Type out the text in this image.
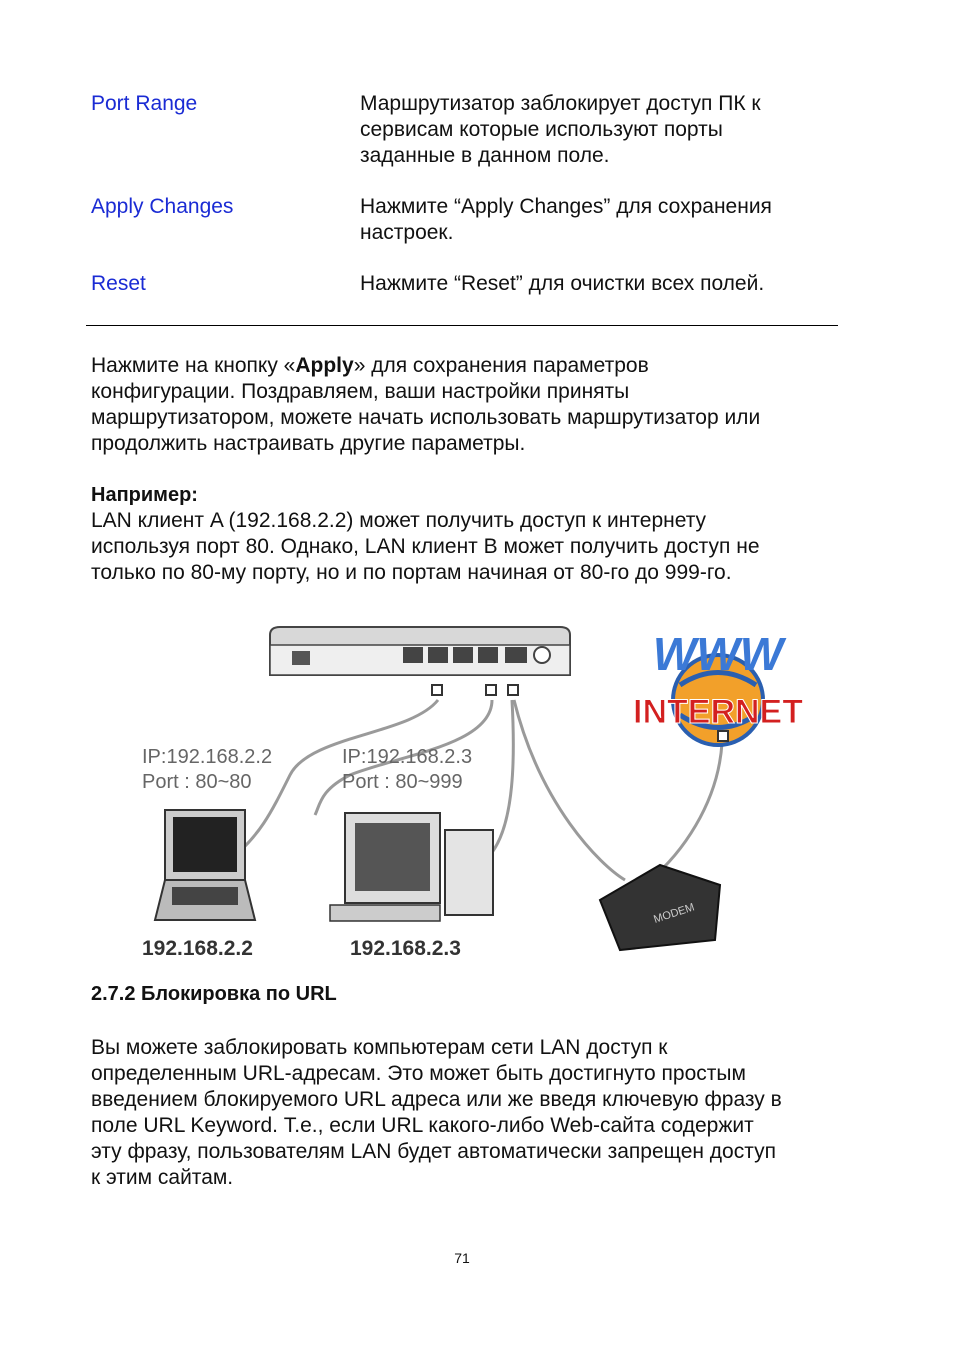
Port Range	Маршрутизатор заблокирует доступ ПК к
сервисам которые используют порты
заданные в данном поле.
Apply Changes	Нажмите “Apply Changes” для сохранения
настроек.
Reset	Нажмите “Reset” для очистки всех полей.
Нажмите на кнопку «Apply» для сохранения параметров
конфигурации. Поздравляем, ваши настройки приняты
маршрутизатором, можете начать использовать маршрутизатор или
продолжить настраивать другие параметры.
Например:
LAN клиент A (192.168.2.2) может получить доступ к интернету
используя порт 80. Однако, LAN клиент B может получить доступ не
только по 80-му порту, но и по портам начиная от 80-го до 999-го.
WWW
INTERNET
IP:192.168.2.2
Port : 80~80
IP:192.168.2.3
Port : 80~999
MODEM
192.168.2.2	192.168.2.3
2.7.2 Блокировка по URL
Вы можете заблокировать компьютерам сети LAN доступ к
определенным URL-адресам. Это может быть достигнуто простым
введением блокируемого URL адреса или же введя ключевую фразу в
поле URL Keyword. Т.е., если URL какого-либо Web-сайта содержит
эту фразу, пользователям LAN будет автоматически запрещен доступ
к этим сайтам.
71
